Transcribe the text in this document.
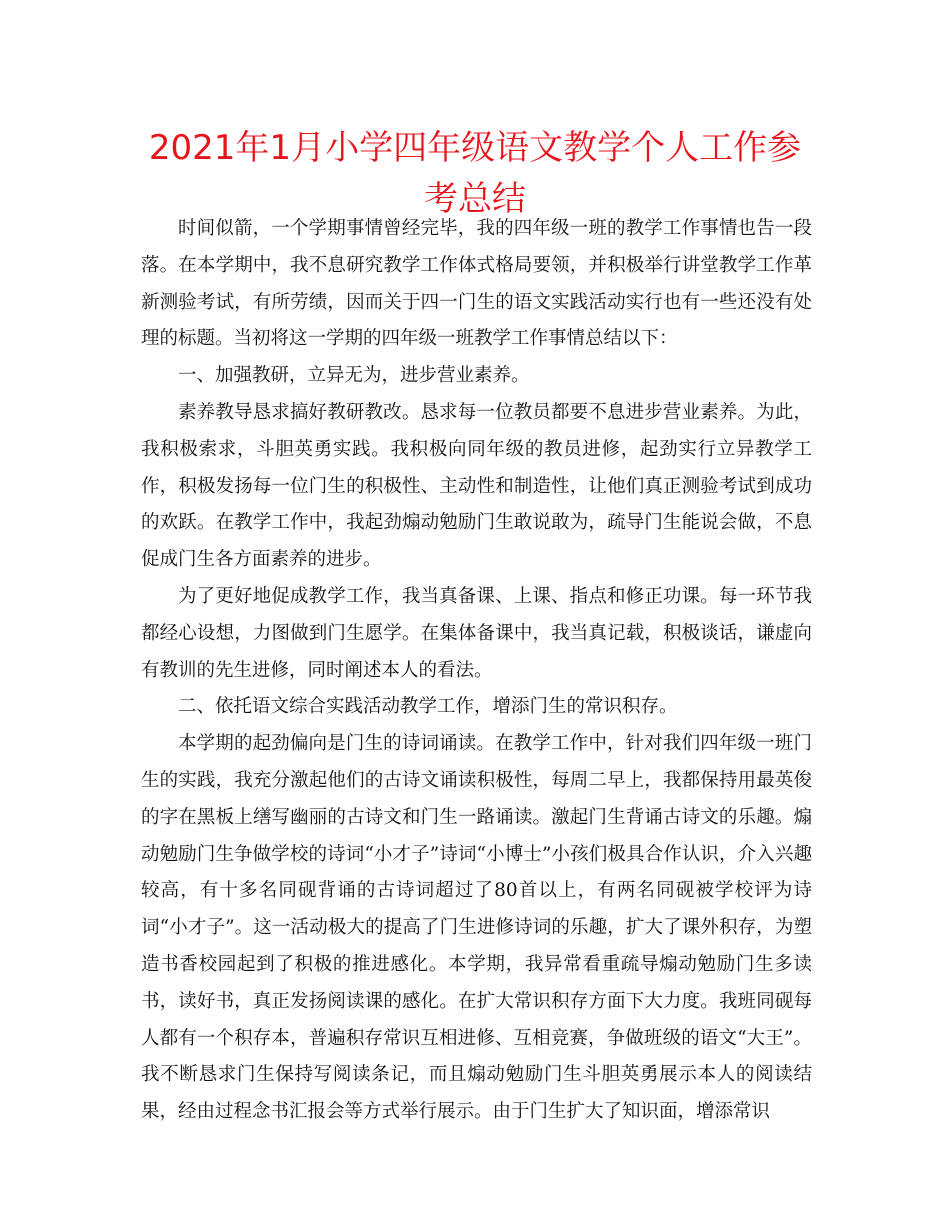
2021年1月小学四年级语文教学个人工作参考总结

时间似箭，一个学期事情曾经完毕，我的四年级一班的教学工作事情也告一段落。在本学期中，我不息研究教学工作体式格局要领，并积极举行讲堂教学工作革新测验考试，有所劳绩，因而关于四一门生的语文实践活动实行也有一些还没有处理的标题。当初将这一学期的四年级一班教学工作事情总结以下：

一、加强教研，立异无为，进步营业素养。

素养教导恳求搞好教研教改。恳求每一位教员都要不息进步营业素养。为此，我积极索求，斗胆英勇实践。我积极向同年级的教员进修，起劲实行立异教学工作，积极发扬每一位门生的积极性、主动性和制造性，让他们真正测验考试到成功的欢跃。在教学工作中，我起劲煽动勉励门生敢说敢为，疏导门生能说会做，不息促成门生各方面素养的进步。

为了更好地促成教学工作，我当真备课、上课、指点和修正功课。每一环节我都经心设想，力图做到门生愿学。在集体备课中，我当真记载，积极谈话，谦虚向有教训的先生进修，同时阐述本人的看法。

二、依托语文综合实践活动教学工作，增添门生的常识积存。

本学期的起劲偏向是门生的诗词诵读。在教学工作中，针对我们四年级一班门生的实践，我充分激起他们的古诗文诵读积极性，每周二早上，我都保持用最英俊的字在黑板上缮写幽丽的古诗文和门生一路诵读。激起门生背诵古诗文的乐趣。煽动勉励门生争做学校的诗词“小才子”诗词“小博士”小孩们极具合作认识，介入兴趣较高，有十多名同砚背诵的古诗词超过了80首以上，有两名同砚被学校评为诗词“小才子”。这一活动极大的提高了门生进修诗词的乐趣，扩大了课外积存，为塑造书香校园起到了积极的推进感化。本学期，我异常看重疏导煽动勉励门生多读书，读好书，真正发扬阅读课的感化。在扩大常识积存方面下大力度。我班同砚每人都有一个积存本，普遍积存常识互相进修、互相竞赛，争做班级的语文“大王”。我不断恳求门生保持写阅读条记，而且煽动勉励门生斗胆英勇展示本人的阅读结果，经由过程念书汇报会等方式举行展示。由于门生扩大了知识面，增添常识
